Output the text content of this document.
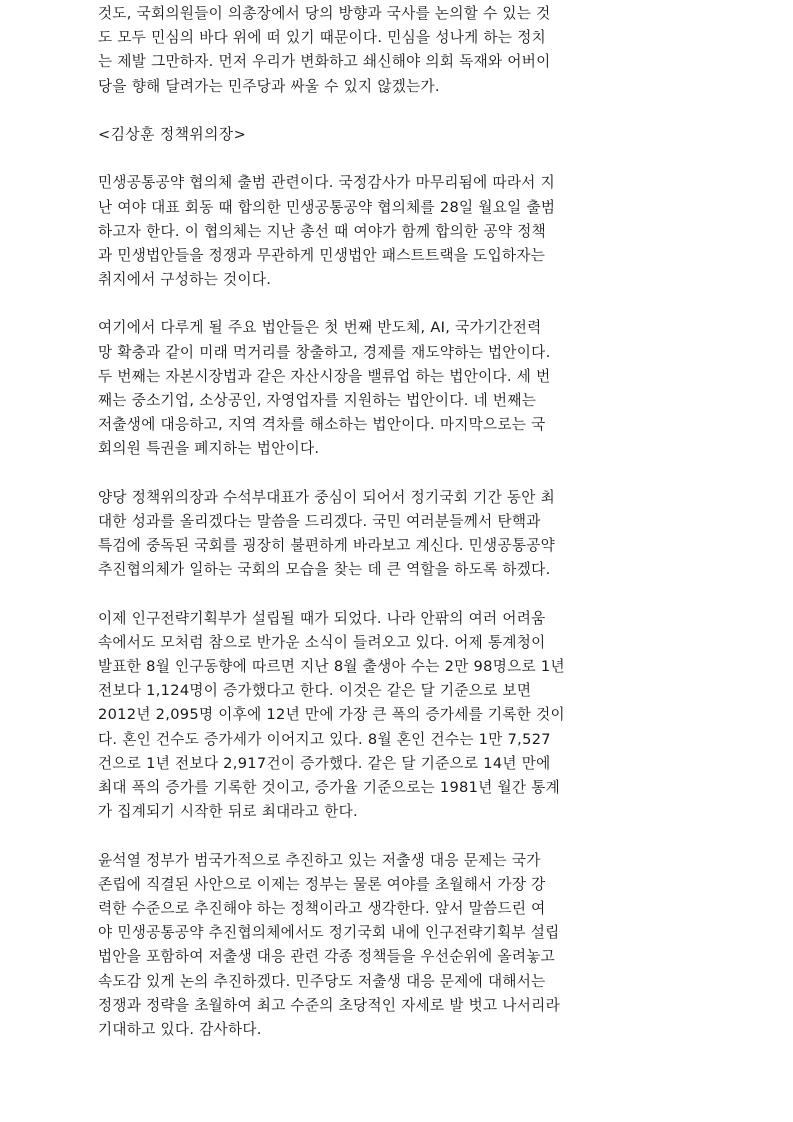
것도, 국회의원들이 의총장에서 당의 방향과 국사를 논의할 수 있는 것
도 모두 민심의 바다 위에 떠 있기 때문이다. 민심을 성나게 하는 정치
는 제발 그만하자. 먼저 우리가 변화하고 쇄신해야 의회 독재와 어버이
당을 향해 달려가는 민주당과 싸울 수 있지 않겠는가.
<김상훈 정책위의장>
민생공통공약 협의체 출범 관련이다. 국정감사가 마무리됨에 따라서 지
난 여야 대표 회동 때 합의한 민생공통공약 협의체를 28일 월요일 출범
하고자 한다. 이 협의체는 지난 총선 때 여야가 함께 합의한 공약 정책
과 민생법안들을 정쟁과 무관하게 민생법안 패스트트랙을 도입하자는
취지에서 구성하는 것이다.
여기에서 다루게 될 주요 법안들은 첫 번째 반도체, AI, 국가기간전력
망 확충과 같이 미래 먹거리를 창출하고, 경제를 재도약하는 법안이다.
두 번째는 자본시장법과 같은 자산시장을 밸류업 하는 법안이다. 세 번
째는 중소기업, 소상공인, 자영업자를 지원하는 법안이다. 네 번째는
저출생에 대응하고, 지역 격차를 해소하는 법안이다. 마지막으로는 국
회의원 특권을 폐지하는 법안이다.
양당 정책위의장과 수석부대표가 중심이 되어서 정기국회 기간 동안 최
대한 성과를 올리겠다는 말씀을 드리겠다. 국민 여러분들께서 탄핵과
특검에 중독된 국회를 굉장히 불편하게 바라보고 계신다. 민생공통공약
추진협의체가 일하는 국회의 모습을 찾는 데 큰 역할을 하도록 하겠다.
이제 인구전략기획부가 설립될 때가 되었다. 나라 안팎의 여러 어려움
속에서도 모처럼 참으로 반가운 소식이 들려오고 있다. 어제 통계청이
발표한 8월 인구동향에 따르면 지난 8월 출생아 수는 2만 98명으로 1년
전보다 1,124명이 증가했다고 한다. 이것은 같은 달 기준으로 보면
2012년 2,095명 이후에 12년 만에 가장 큰 폭의 증가세를 기록한 것이
다. 혼인 건수도 증가세가 이어지고 있다. 8월 혼인 건수는 1만 7,527
건으로 1년 전보다 2,917건이 증가했다. 같은 달 기준으로 14년 만에
최대 폭의 증가를 기록한 것이고, 증가율 기준으로는 1981년 월간 통계
가 집계되기 시작한 뒤로 최대라고 한다.
윤석열 정부가 범국가적으로 추진하고 있는 저출생 대응 문제는 국가
존립에 직결된 사안으로 이제는 정부는 물론 여야를 초월해서 가장 강
력한 수준으로 추진해야 하는 정책이라고 생각한다. 앞서 말씀드린 여
야 민생공통공약 추진협의체에서도 정기국회 내에 인구전략기획부 설립
법안을 포함하여 저출생 대응 관련 각종 정책들을 우선순위에 올려놓고
속도감 있게 논의 추진하겠다. 민주당도 저출생 대응 문제에 대해서는
정쟁과 정략을 초월하여 최고 수준의 초당적인 자세로 발 벗고 나서리라
기대하고 있다. 감사하다.
